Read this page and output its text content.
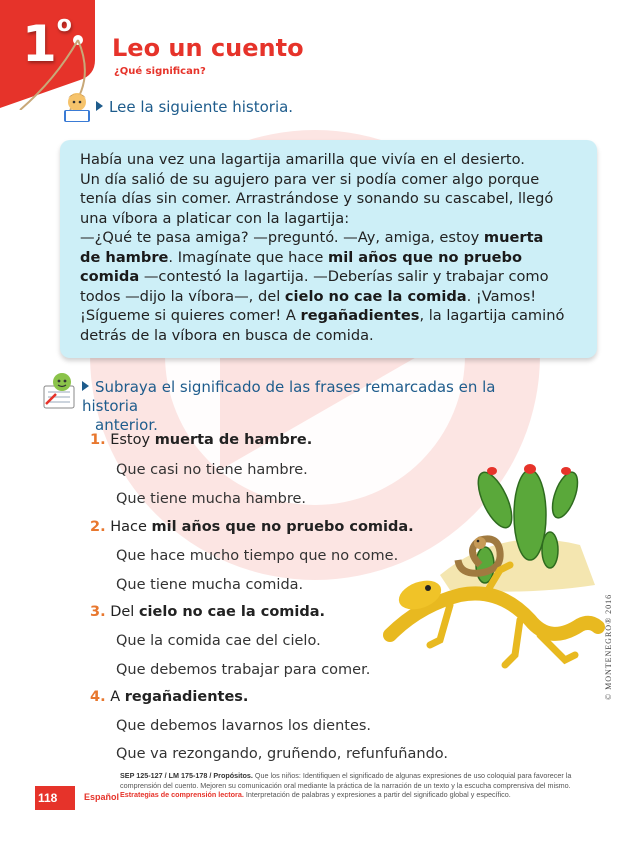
1$^o$
Leo un cuento
¿Qué significan?
Lee la siguiente historia.
Había una vez una lagartija amarilla que vivía en el desierto.
Un día salió de su agujero para ver si podía comer algo porque
tenía días sin comer. Arrastrándose y sonando su cascabel, llegó
una víbora a platicar con la lagartija:
—¿Qué te pasa amiga? —preguntó. —Ay, amiga, estoy muerta
de hambre. Imagínate que hace mil años que no pruebo
comida —contestó la lagartija. —Deberías salir y trabajar como
todos —dijo la víbora—, del cielo no cae la comida. ¡Vamos!
¡Sígueme si quieres comer! A regañadientes, la lagartija caminó
detrás de la víbora en busca de comida.
Subraya el significado de las frases remarcadas en la historia
anterior.
1. Estoy muerta de hambre.
Que casi no tiene hambre.
Que tiene mucha hambre.
2. Hace mil años que no pruebo comida.
Que hace mucho tiempo que no come.
Que tiene mucha comida.
3. Del cielo no cae la comida.
Que la comida cae del cielo.
Que debemos trabajar para comer.
4. A regañadientes.
Que debemos lavarnos los dientes.
Que va rezongando, gruñendo, refunfuñando.
© MONTENEGRO® 2016
118	Español
SEP 125-127 / LM 175-178 / Propósitos. Que los niños: Identifiquen el significado de algunas expresiones de uso coloquial para favorecer la comprensión del cuento. Mejoren su comunicación oral mediante la práctica de la narración de un texto y la escucha comprensiva del mismo. Estrategias de comprensión lectora. Interpretación de palabras y expresiones a partir del significado global y específico.
